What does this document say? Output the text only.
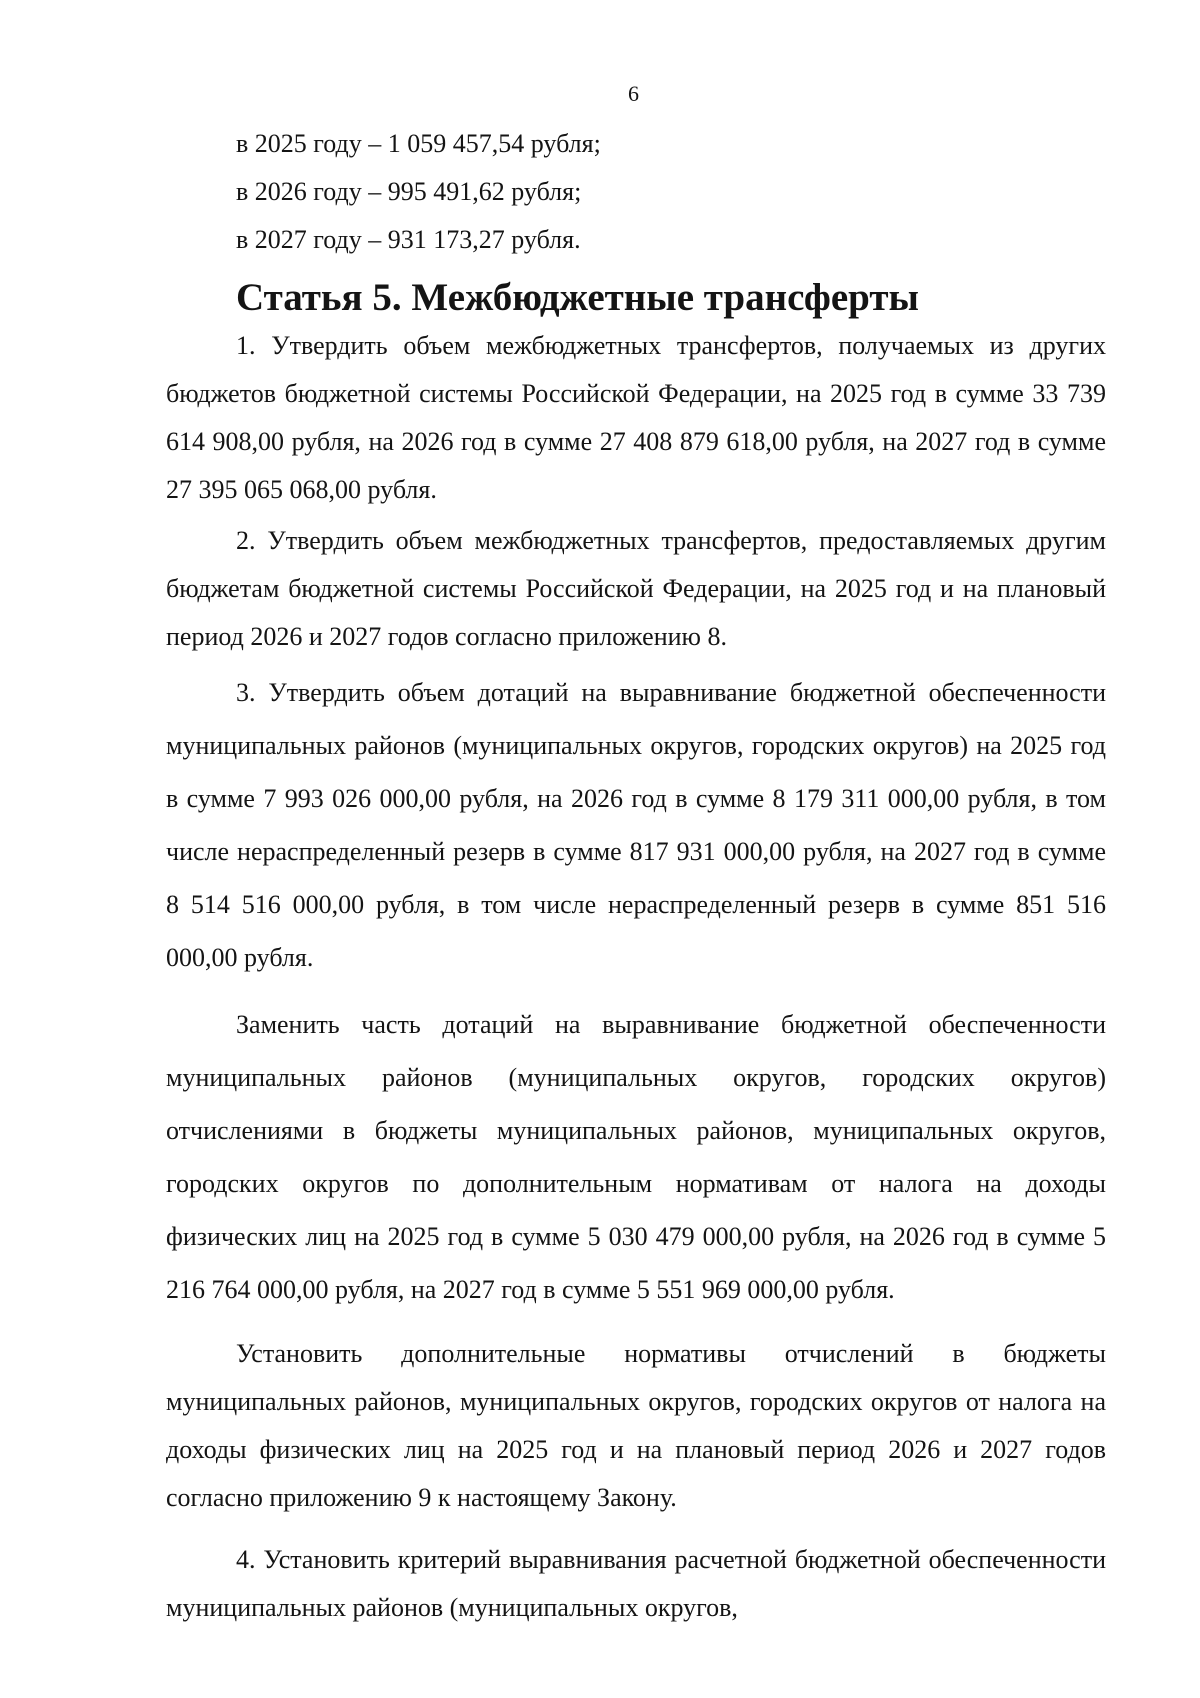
6

в 2025 году – 1 059 457,54 рубля;

в 2026 году – 995 491,62 рубля;

в 2027 году – 931 173,27 рубля.

Статья 5. Межбюджетные трансферты

1. Утвердить объем межбюджетных трансфертов, получаемых из других бюджетов бюджетной системы Российской Федерации, на 2025 год в сумме 33 739 614 908,00 рубля, на 2026 год в сумме 27 408 879 618,00 рубля, на 2027 год в сумме 27 395 065 068,00 рубля.

2. Утвердить объем межбюджетных трансфертов, предоставляемых другим бюджетам бюджетной системы Российской Федерации, на 2025 год и на плановый период 2026 и 2027 годов согласно приложению 8.

3. Утвердить объем дотаций на выравнивание бюджетной обеспеченности муниципальных районов (муниципальных округов, городских округов) на 2025 год в сумме 7 993 026 000,00 рубля, на 2026 год в сумме 8 179 311 000,00 рубля, в том числе нераспределенный резерв в сумме 817 931 000,00 рубля, на 2027 год в сумме 8 514 516 000,00 рубля, в том числе нераспределенный резерв в сумме 851 516 000,00 рубля.

Заменить часть дотаций на выравнивание бюджетной обеспеченности муниципальных районов (муниципальных округов, городских округов) отчислениями в бюджеты муниципальных районов, муниципальных округов, городских округов по дополнительным нормативам от налога на доходы физических лиц на 2025 год в сумме 5 030 479 000,00 рубля, на 2026 год в сумме 5 216 764 000,00 рубля, на 2027 год в сумме 5 551 969 000,00 рубля.

Установить дополнительные нормативы отчислений в бюджеты муниципальных районов, муниципальных округов, городских округов от налога на доходы физических лиц на 2025 год и на плановый период 2026 и 2027 годов согласно приложению 9 к настоящему Закону.

4. Установить критерий выравнивания расчетной бюджетной обеспеченности муниципальных районов (муниципальных округов,
